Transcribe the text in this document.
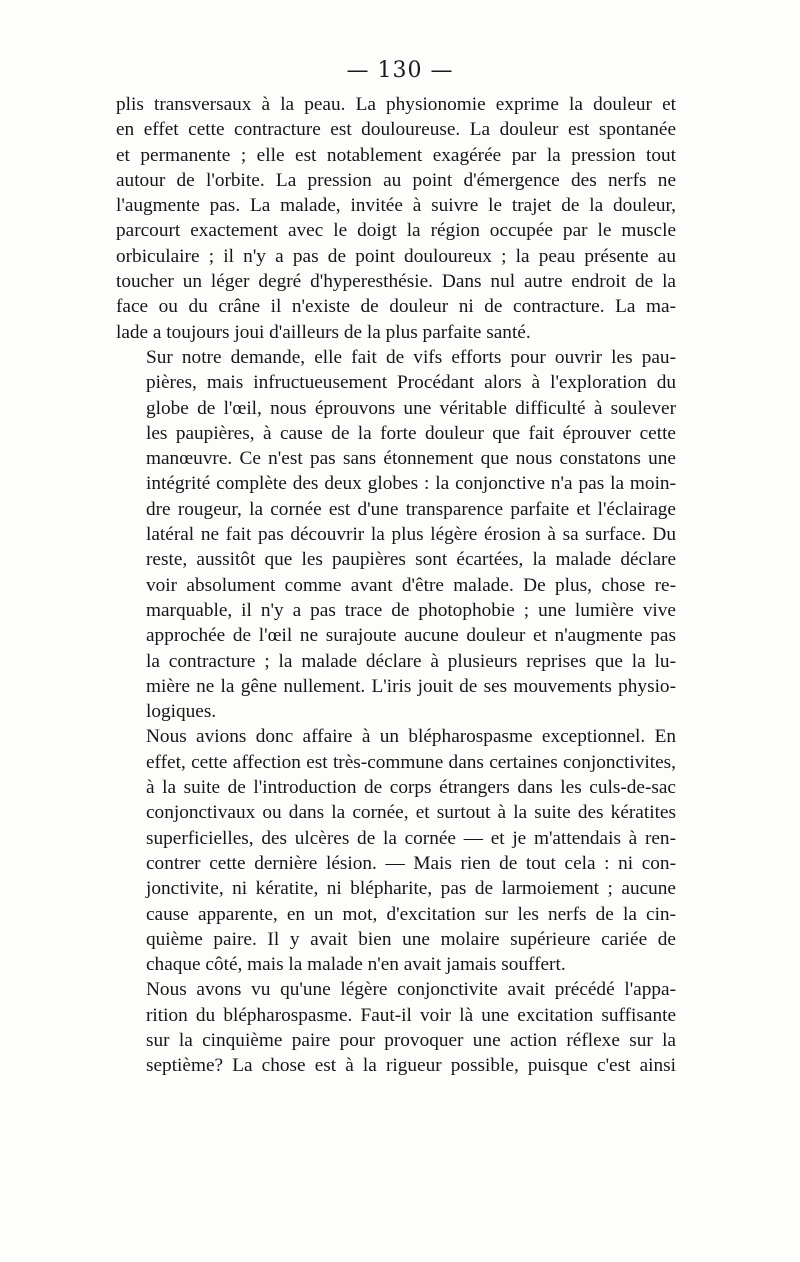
— 130 —

plis transversaux à la peau. La physionomie exprime la douleur et
en effet cette contracture est douloureuse. La douleur est spontanée
et permanente ; elle est notablement exagérée par la pression tout
autour de l'orbite. La pression au point d'émergence des nerfs ne
l'augmente pas. La malade, invitée à suivre le trajet de la douleur,
parcourt exactement avec le doigt la région occupée par le muscle
orbiculaire ; il n'y a pas de point douloureux ; la peau présente au
toucher un léger degré d'hyperesthésie. Dans nul autre endroit de la
face ou du crâne il n'existe de douleur ni de contracture. La ma-
lade a toujours joui d'ailleurs de la plus parfaite santé.

Sur notre demande, elle fait de vifs efforts pour ouvrir les pau-
pières, mais infructueusement Procédant alors à l'exploration du
globe de l'œil, nous éprouvons une véritable difficulté à soulever
les paupières, à cause de la forte douleur que fait éprouver cette
manœuvre. Ce n'est pas sans étonnement que nous constatons une
intégrité complète des deux globes : la conjonctive n'a pas la moin-
dre rougeur, la cornée est d'une transparence parfaite et l'éclairage
latéral ne fait pas découvrir la plus légère érosion à sa surface. Du
reste, aussitôt que les paupières sont écartées, la malade déclare
voir absolument comme avant d'être malade. De plus, chose re-
marquable, il n'y a pas trace de photophobie ; une lumière vive
approchée de l'œil ne surajoute aucune douleur et n'augmente pas
la contracture ; la malade déclare à plusieurs reprises que la lu-
mière ne la gêne nullement. L'iris jouit de ses mouvements physio-
logiques.

Nous avions donc affaire à un blépharospasme exceptionnel. En
effet, cette affection est très-commune dans certaines conjonctivites,
à la suite de l'introduction de corps étrangers dans les culs-de-sac
conjonctivaux ou dans la cornée, et surtout à la suite des kératites
superficielles, des ulcères de la cornée — et je m'attendais à ren-
contrer cette dernière lésion. — Mais rien de tout cela : ni con-
jonctivite, ni kératite, ni blépharite, pas de larmoiement ; aucune
cause apparente, en un mot, d'excitation sur les nerfs de la cin-
quième paire. Il y avait bien une molaire supérieure cariée de
chaque côté, mais la malade n'en avait jamais souffert.

Nous avons vu qu'une légère conjonctivite avait précédé l'appa-
rition du blépharospasme. Faut-il voir là une excitation suffisante
sur la cinquième paire pour provoquer une action réflexe sur la
septième? La chose est à la rigueur possible, puisque c'est ainsi
